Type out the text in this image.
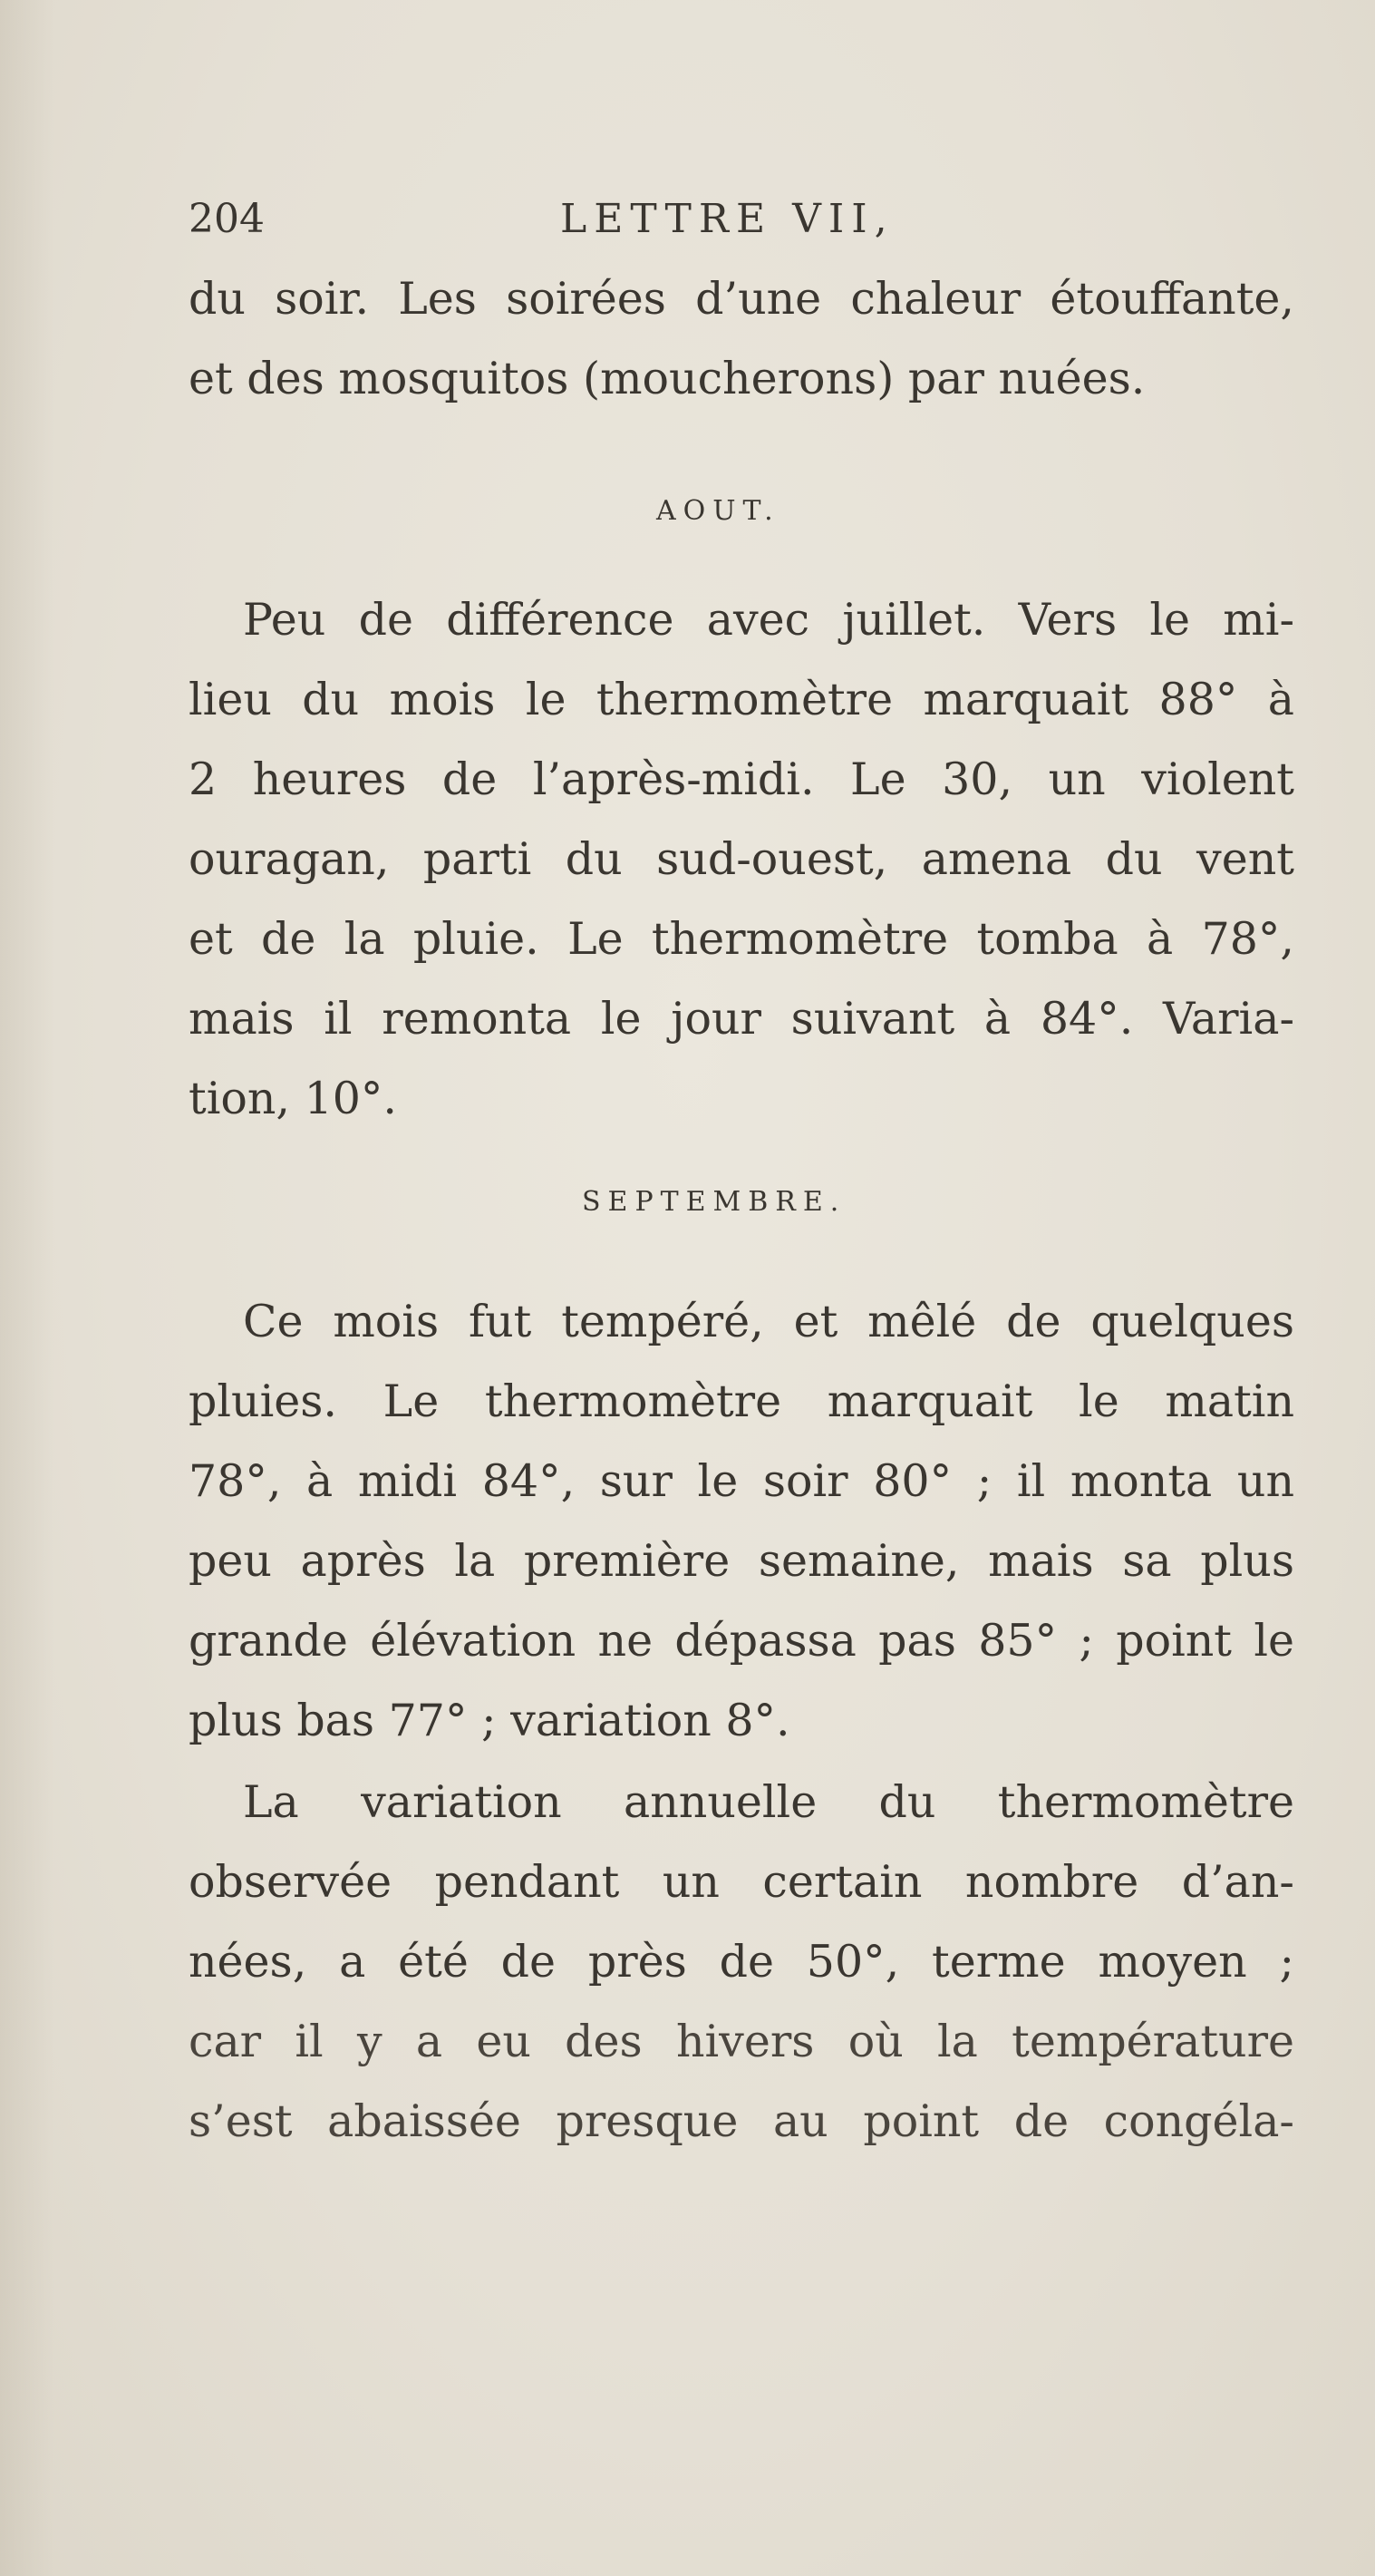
204	LETTRE VII,
du soir. Les soirées d’une chaleur étouffante,
et des mosquitos (moucherons) par nuées.
AOUT.
Peu de différence avec juillet. Vers le mi-
lieu du mois le thermomètre marquait 88° à
2 heures de l’après-midi. Le 30, un violent
ouragan, parti du sud-ouest, amena du vent
et de la pluie. Le thermomètre tomba à 78°,
mais il remonta le jour suivant à 84°. Varia-
tion, 10°.
SEPTEMBRE.
Ce mois fut tempéré, et mêlé de quelques
pluies. Le thermomètre marquait le matin
78°, à midi 84°, sur le soir 80° ; il monta un
peu après la première semaine, mais sa plus
grande élévation ne dépassa pas 85° ; point le
plus bas 77° ; variation 8°.
La variation annuelle du thermomètre
observée pendant un certain nombre d’an-
nées, a été de près de 50°, terme moyen ;
car il y a eu des hivers où la température
s’est abaissée presque au point de congéla-
